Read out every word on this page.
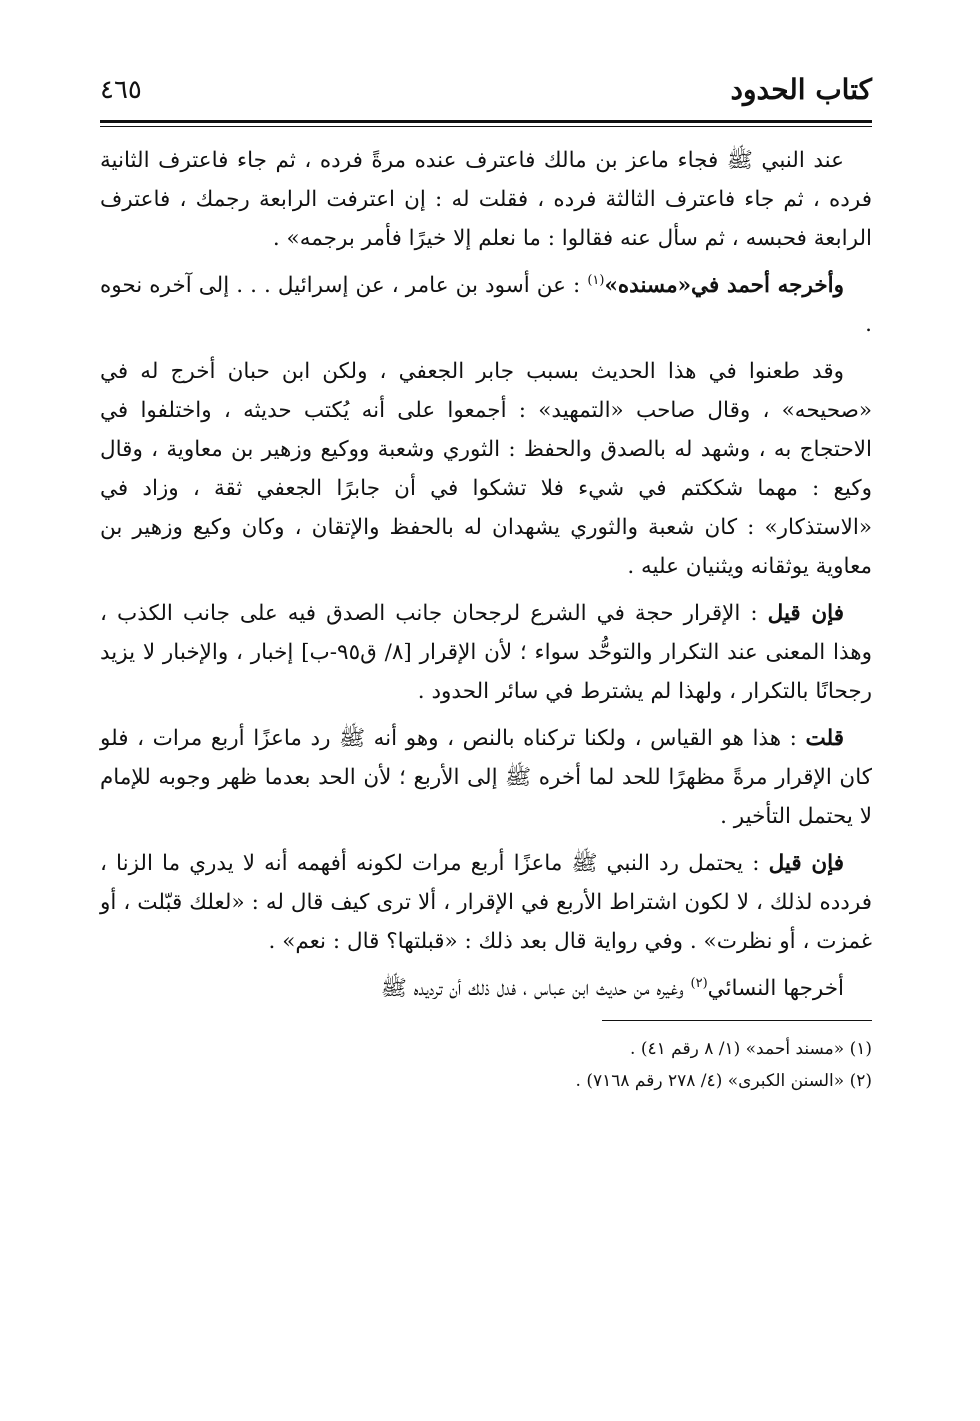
كتاب الحدود
٤٦٥

عند النبي ﷺ فجاء ماعز بن مالك فاعترف عنده مرةً فرده ، ثم جاء فاعترف الثانية فرده ، ثم جاء فاعترف الثالثة فرده ، فقلت له : إن اعترفت الرابعة رجمك ، فاعترف الرابعة فحبسه ، ثم سأل عنه فقالوا : ما نعلم إلا خيرًا فأمر برجمه» .

وأخرجه أحمد في«مسنده»$^{(١)}$ : عن أسود بن عامر ، عن إسرائيل . . . إلى آخره نحوه .

وقد طعنوا في هذا الحديث بسبب جابر الجعفي ، ولكن ابن حبان أخرج له في «صحيحه» ، وقال صاحب «التمهيد» : أجمعوا على أنه يُكتب حديثه ، واختلفوا في الاحتجاج به ، وشهد له بالصدق والحفظ : الثوري وشعبة ووكيع وزهير بن معاوية ، وقال وكيع : مهما شككتم في شيء فلا تشكوا في أن جابرًا الجعفي ثقة ، وزاد في «الاستذكار» : كان شعبة والثوري يشهدان له بالحفظ والإتقان ، وكان وكيع وزهير بن معاوية يوثقانه ويثنيان عليه .

فإن قيل : الإقرار حجة في الشرع لرجحان جانب الصدق فيه على جانب الكذب ، وهذا المعنى عند التكرار والتوحُّد سواء ؛ لأن الإقرار [٨/ ق٩٥-ب] إخبار ، والإخبار لا يزيد رجحانًا بالتكرار ، ولهذا لم يشترط في سائر الحدود .

قلت : هذا هو القياس ، ولكنا تركناه بالنص ، وهو أنه ﷺ رد ماعزًا أربع مرات ، فلو كان الإقرار مرةً مظهرًا للحد لما أخره ﷺ إلى الأربع ؛ لأن الحد بعدما ظهر وجوبه للإمام لا يحتمل التأخير .

فإن قيل : يحتمل رد النبي ﷺ ماعزًا أربع مرات لكونه أفهمه أنه لا يدري ما الزنا ، فردده لذلك ، لا لكون اشتراط الأربع في الإقرار ، ألا ترى كيف قال له : «لعلك قبّلت ، أو غمزت ، أو نظرت» . وفي رواية قال بعد ذلك : «قبلتها؟ قال : نعم» .

أخرجها النسائي$^{(٢)}$ وغيره من حديث ابن عباس ، فدل ذلك أن ترديده ﷺ

(١) «مسند أحمد» (١/ ٨ رقم ٤١) .
(٢) «السنن الكبرى» (٤/ ٢٧٨ رقم ٧١٦٨) .
